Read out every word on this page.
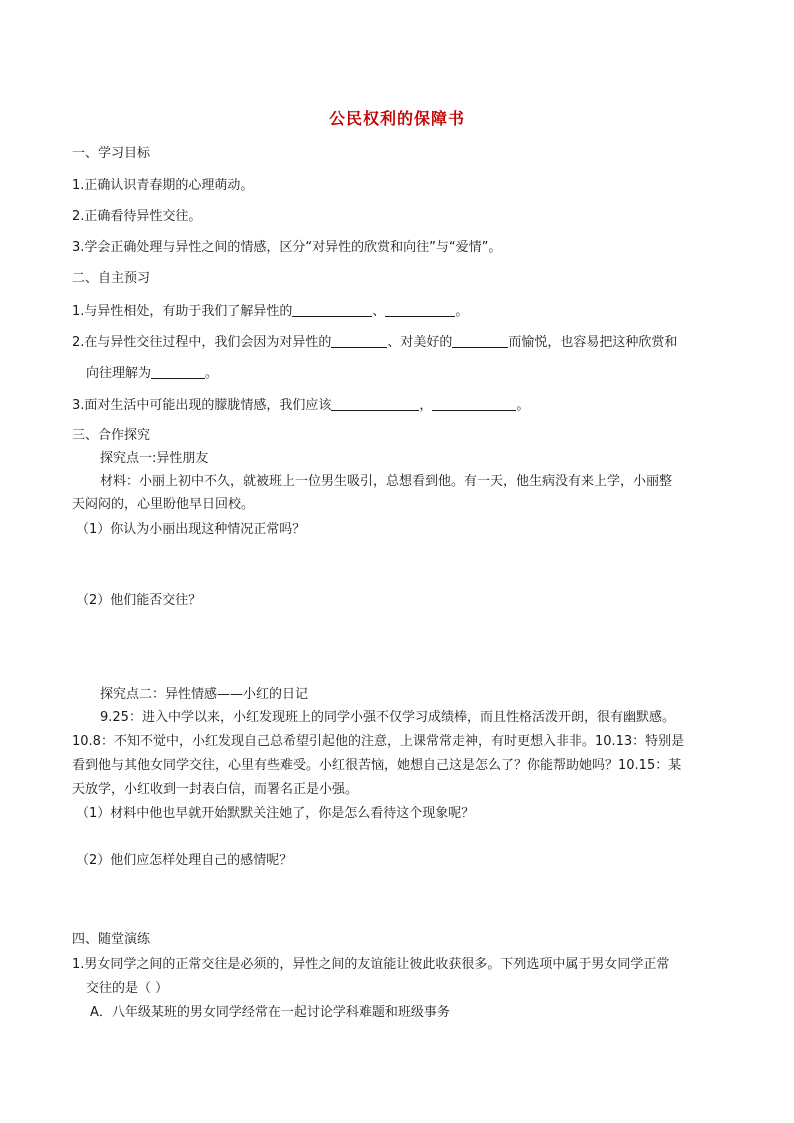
公民权利的保障书
一、学习目标
1.正确认识青春期的心理萌动。
2.正确看待异性交往。
3.学会正确处理与异性之间的情感，区分“对异性的欣赏和向往”与“爱情”。
二、自主预习
1.与异性相处，有助于我们了解异性的	、	。
2.在与异性交往过程中，我们会因为对异性的	、对美好的	而愉悦，也容易把这种欣赏和
向往理解为	。
3.面对生活中可能出现的朦胧情感，我们应该	，	。
三、合作探究
探究点一:异性朋友
材料：小丽上初中不久，就被班上一位男生吸引，总想看到他。有一天，他生病没有来上学，小丽整
天闷闷的，心里盼他早日回校。
（1）你认为小丽出现这种情况正常吗？
（2）他们能否交往？
探究点二：异性情感——小红的日记
9.25：进入中学以来，小红发现班上的同学小强不仅学习成绩棒，而且性格活泼开朗，很有幽默感。
10.8：不知不觉中，小红发现自己总希望引起他的注意，上课常常走神，有时更想入非非。10.13：特别是
看到他与其他女同学交往，心里有些难受。小红很苦恼，她想自己这是怎么了？你能帮助她吗？10.15：某
天放学，小红收到一封表白信，而署名正是小强。
（1）材料中他也早就开始默默关注她了，你是怎么看待这个现象呢？
（2）他们应怎样处理自己的感情呢？
四、随堂演练
1.男女同学之间的正常交往是必须的，异性之间的友谊能让彼此收获很多。下列选项中属于男女同学正常
交往的是（ ）
A．八年级某班的男女同学经常在一起讨论学科难题和班级事务
